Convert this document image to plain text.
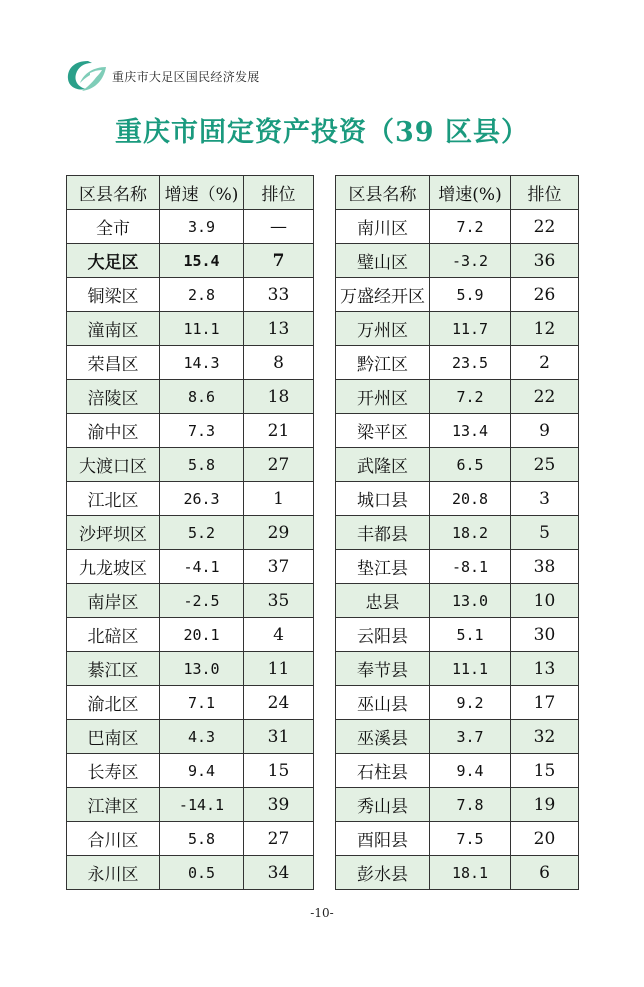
重庆市大足区国民经济发展
重庆市固定资产投资（39 区县）
区县名称	增速（%)	排位
全市	3.9	—
大足区	15.4	7
铜梁区	2.8	33
潼南区	11.1	13
荣昌区	14.3	8
涪陵区	8.6	18
渝中区	7.3	21
大渡口区	5.8	27
江北区	26.3	1
沙坪坝区	5.2	29
九龙坡区	-4.1	37
南岸区	-2.5	35
北碚区	20.1	4
綦江区	13.0	11
渝北区	7.1	24
巴南区	4.3	31
长寿区	9.4	15
江津区	-14.1	39
合川区	5.8	27
永川区	0.5	34
区县名称	增速(%)	排位
南川区	7.2	22
璧山区	-3.2	36
万盛经开区	5.9	26
万州区	11.7	12
黔江区	23.5	2
开州区	7.2	22
梁平区	13.4	9
武隆区	6.5	25
城口县	20.8	3
丰都县	18.2	5
垫江县	-8.1	38
忠县	13.0	10
云阳县	5.1	30
奉节县	11.1	13
巫山县	9.2	17
巫溪县	3.7	32
石柱县	9.4	15
秀山县	7.8	19
酉阳县	7.5	20
彭水县	18.1	6
-10-
